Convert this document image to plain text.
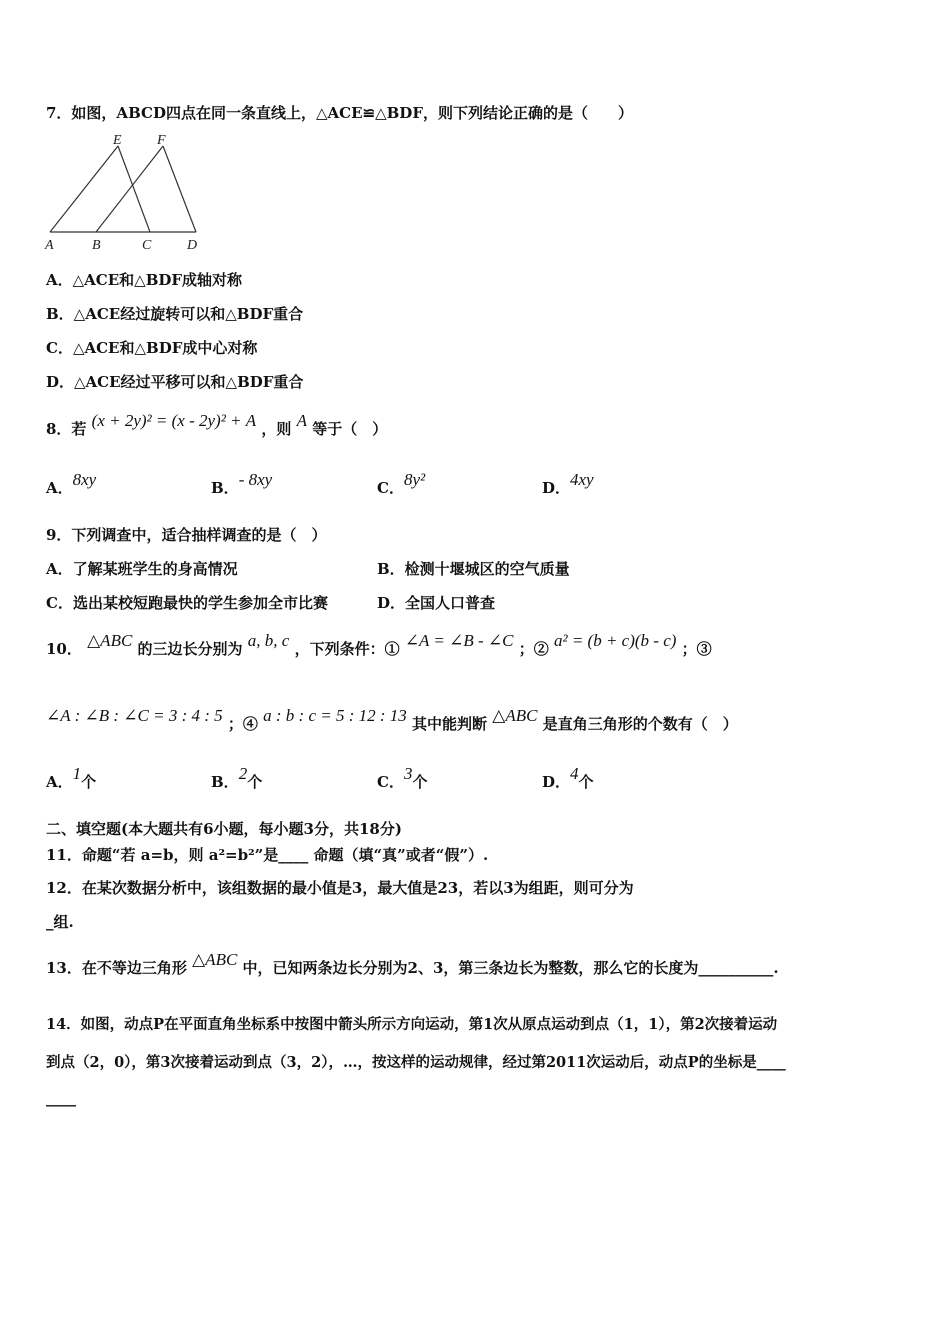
7．如图，ABCD四点在同一条直线上，△ACE≌△BDF，则下列结论正确的是（　　）
E	F
A	B	C	D
A．△ACE和△BDF成轴对称
B．△ACE经过旋转可以和△BDF重合
C．△ACE和△BDF成中心对称
D．△ACE经过平移可以和△BDF重合
8．若 (x + 2y)² = (x - 2y)² + A ，则 A 等于（　）
A．8xy	B．- 8xy	C．8y²	D．4xy
9．下列调查中，适合抽样调查的是（　）
A．了解某班学生的身高情况	B．检测十堰城区的空气质量
C．选出某校短跑最快的学生参加全市比赛	D．全国人口普查
10． △ABC 的三边长分别为 a, b, c ，下列条件：① ∠A = ∠B - ∠C ；② a² = (b + c)(b - c) ；③
∠A : ∠B : ∠C = 3 : 4 : 5 ；④ a : b : c = 5 : 12 : 13 其中能判断 △ABC 是直角三角形的个数有（　）
A．1个	B．2个	C．3个	D．4个
二、填空题(本大题共有6小题，每小题3分，共18分)
11．命题“若 a=b，则 a²=b²”是____ 命题（填“真”或者“假”）.
12．在某次数据分析中，该组数据的最小值是3，最大值是23，若以3为组距，则可分为
_组.
13．在不等边三角形 △ABC 中，已知两条边长分别为2、3，第三条边长为整数，那么它的长度为__________.
14．如图，动点P在平面直角坐标系中按图中箭头所示方向运动，第1次从原点运动到点（1，1），第2次接着运动
到点（2，0），第3次接着运动到点（3，2），…，按这样的运动规律，经过第2011次运动后，动点P的坐标是____
____
